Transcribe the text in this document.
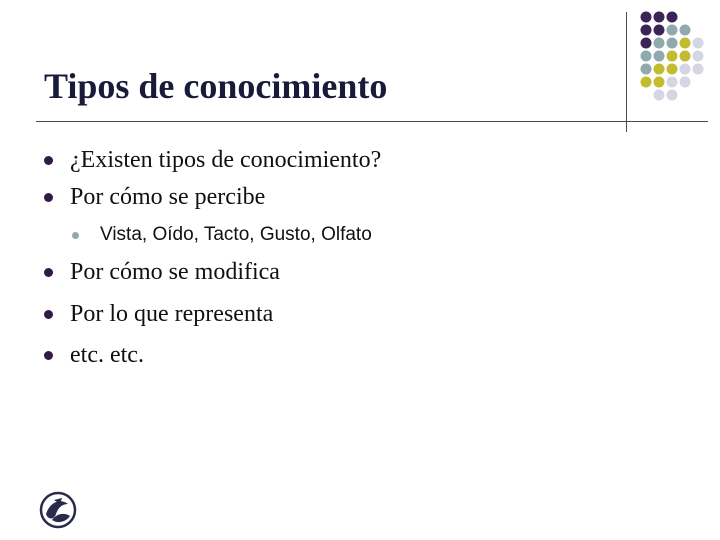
Tipos de conocimiento
¿Existen tipos de conocimiento?
Por cómo se percibe
Vista, Oído, Tacto, Gusto, Olfato
Por cómo se modifica
Por lo que representa
etc. etc.
